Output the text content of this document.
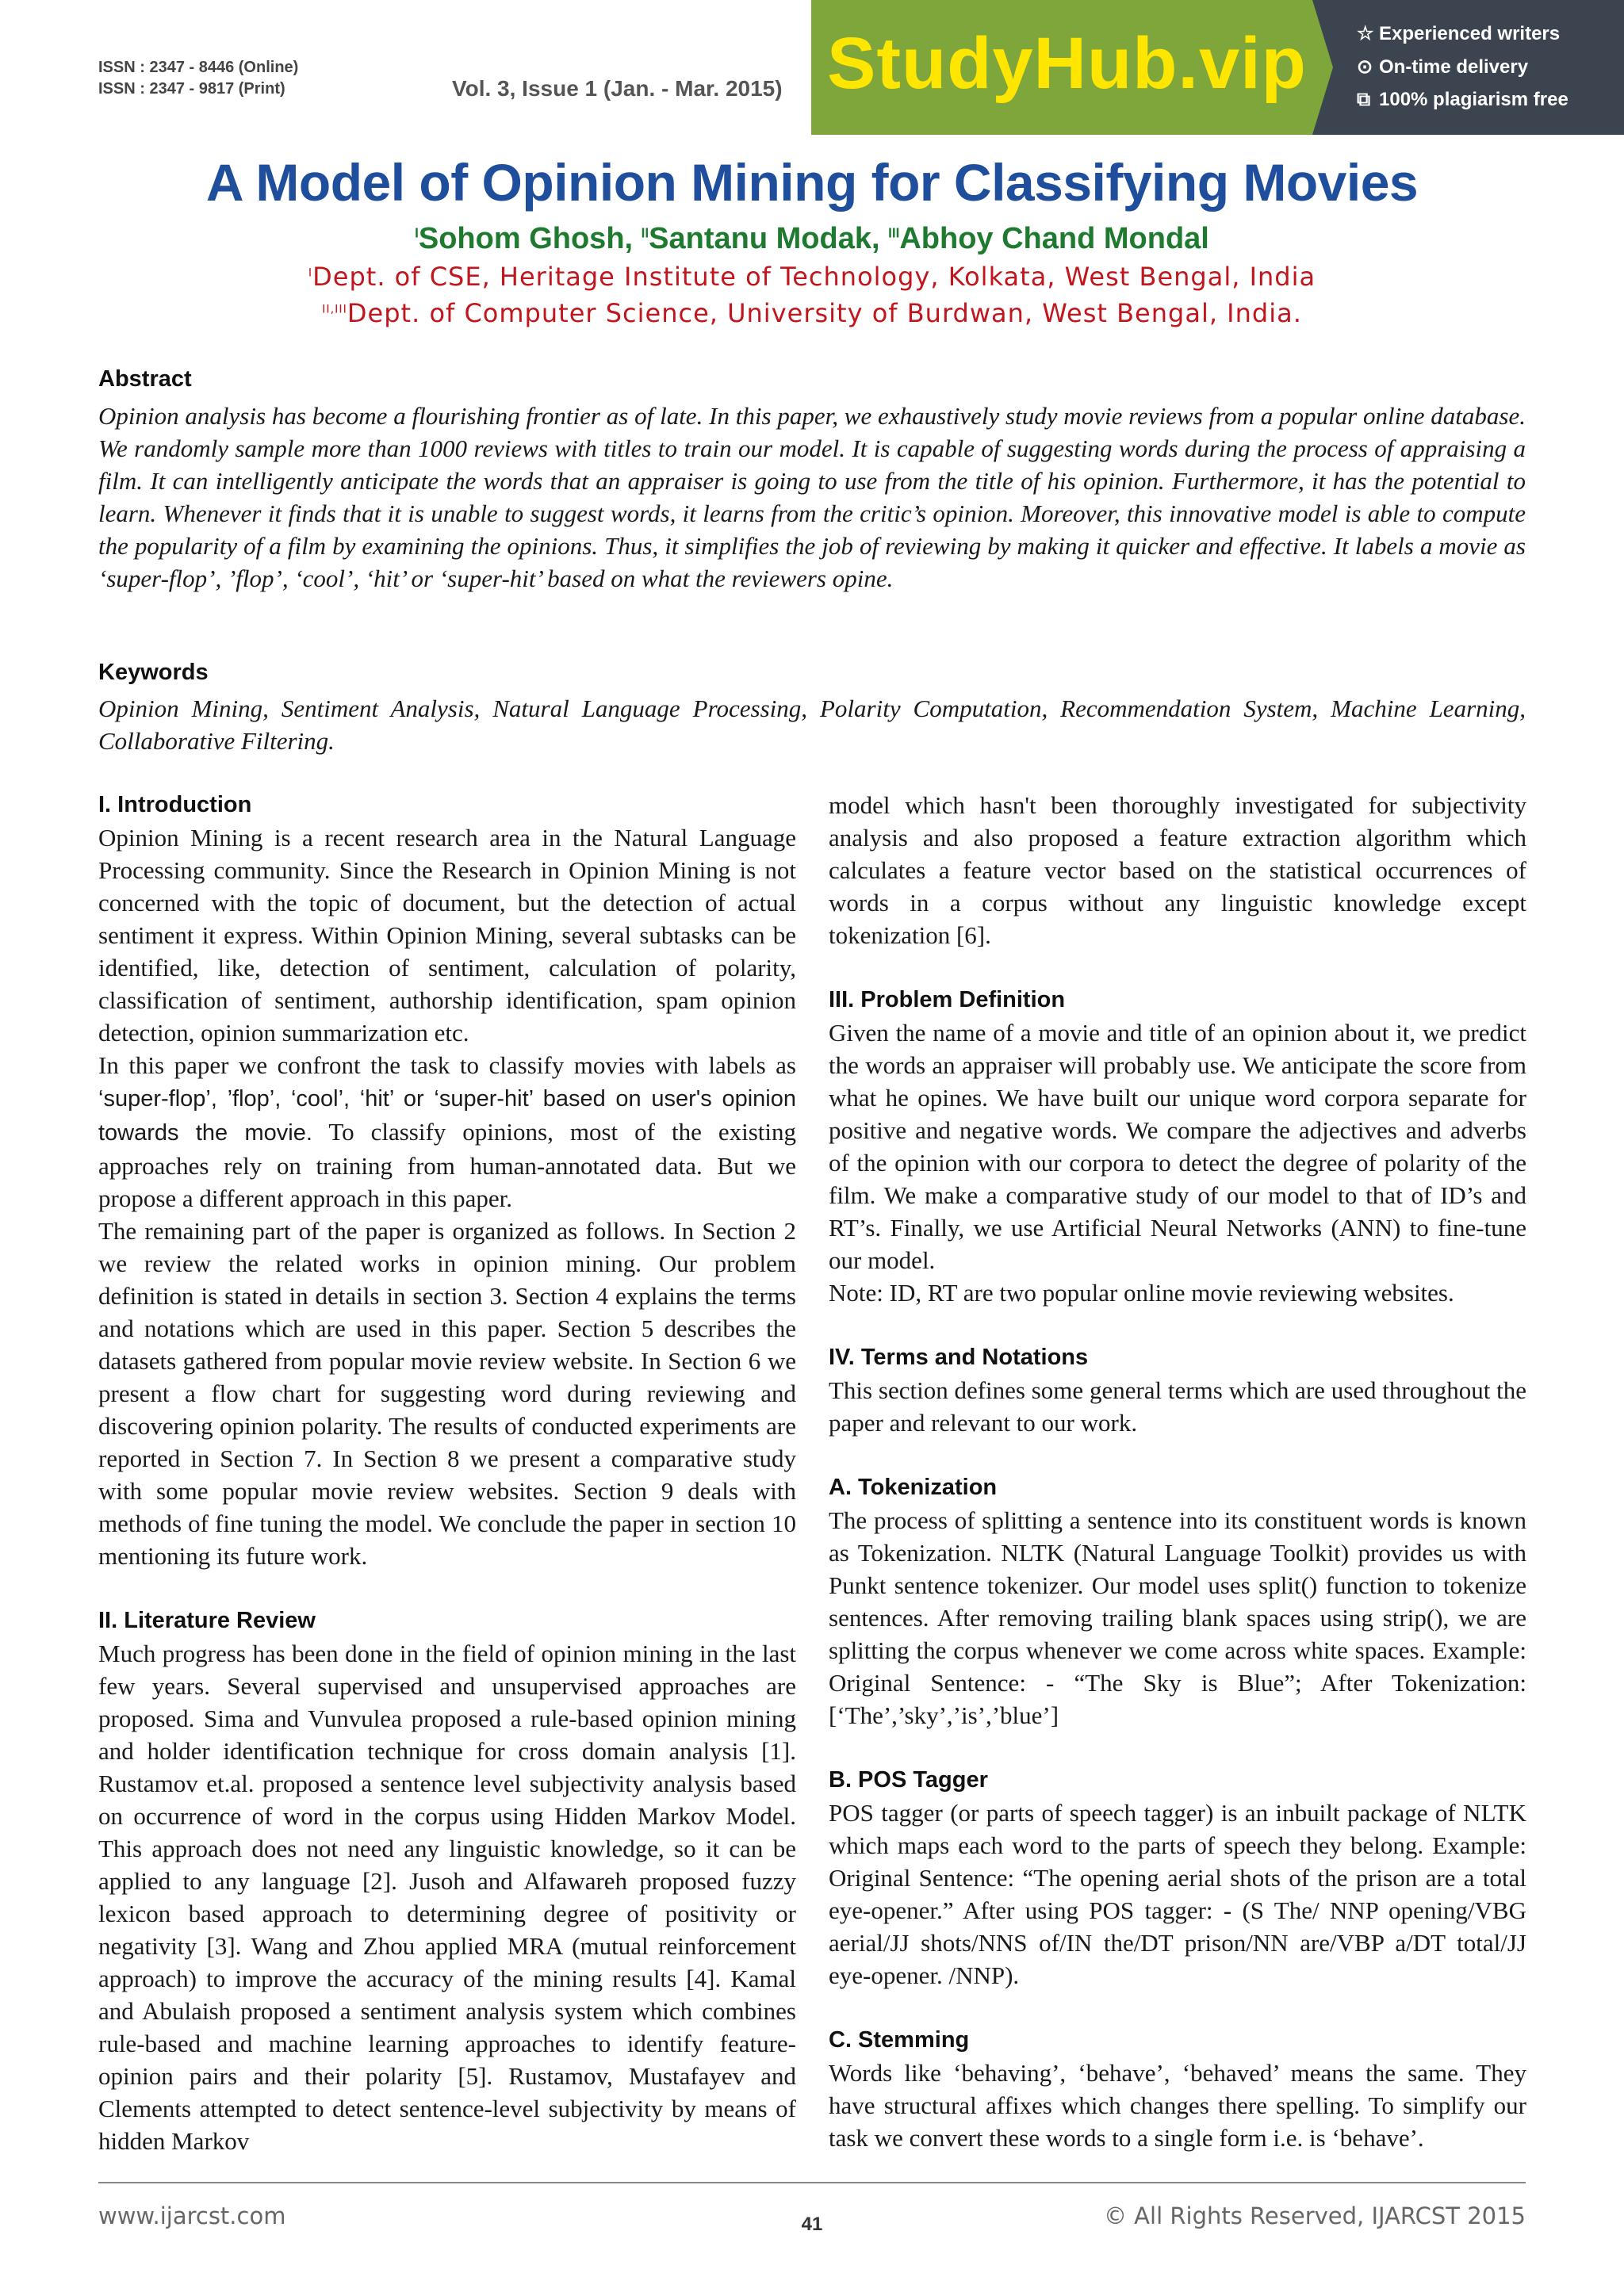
ISSN : 2347 - 8446 (Online)
ISSN : 2347 - 9817 (Print)	Vol. 3, Issue 1 (Jan. - Mar. 2015) StudyHub.vip	☆ Experienced writers
⊙ On-time delivery
⧉ 100% plagiarism free
A Model of Opinion Mining for Classifying Movies
$^I$Sohom Ghosh, $^{II}$Santanu Modak, $^{III}$Abhoy Chand Mondal
$^I$Dept. of CSE, Heritage Institute of Technology, Kolkata, West Bengal, India
$^{II,III}$Dept. of Computer Science, University of Burdwan, West Bengal, India.
Abstract
Opinion analysis has become a flourishing frontier as of late. In this paper, we exhaustively study movie reviews from a popular online database. We randomly sample more than 1000 reviews with titles to train our model. It is capable of suggesting words during the process of appraising a film. It can intelligently anticipate the words that an appraiser is going to use from the title of his opinion. Furthermore, it has the potential to learn. Whenever it finds that it is unable to suggest words, it learns from the critic’s opinion. Moreover, this innovative model is able to compute the popularity of a film by examining the opinions. Thus, it simplifies the job of reviewing by making it quicker and effective. It labels a movie as ‘super-flop’, ’flop’, ‘cool’, ‘hit’ or ‘super-hit’ based on what the reviewers opine.
Keywords
Opinion Mining, Sentiment Analysis, Natural Language Processing, Polarity Computation, Recommendation System, Machine Learning, Collaborative Filtering.
I. Introduction

Opinion Mining is a recent research area in the Natural Language Processing community. Since the Research in Opinion Mining is not concerned with the topic of document, but the detection of actual sentiment it express. Within Opinion Mining, several subtasks can be identified, like, detection of sentiment, calculation of polarity, classification of sentiment, authorship identification, spam opinion detection, opinion summarization etc.

In this paper we confront the task to classify movies with labels as ‘super-flop’, ’flop’, ‘cool’, ‘hit’ or ‘super-hit’ based on user's opinion towards the movie. To classify opinions, most of the existing approaches rely on training from human-annotated data. But we propose a different approach in this paper.

The remaining part of the paper is organized as follows. In Section 2 we review the related works in opinion mining. Our problem definition is stated in details in section 3. Section 4 explains the terms and notations which are used in this paper. Section 5 describes the datasets gathered from popular movie review website. In Section 6 we present a flow chart for suggesting word during reviewing and discovering opinion polarity. The results of conducted experiments are reported in Section 7. In Section 8 we present a comparative study with some popular movie review websites. Section 9 deals with methods of fine tuning the model. We conclude the paper in section 10 mentioning its future work.

II. Literature Review

Much progress has been done in the field of opinion mining in the last few years. Several supervised and unsupervised approaches are proposed. Sima and Vunvulea proposed a rule-based opinion mining and holder identification technique for cross domain analysis [1]. Rustamov et.al. proposed a sentence level subjectivity analysis based on occurrence of word in the corpus using Hidden Markov Model. This approach does not need any linguistic knowledge, so it can be applied to any language [2]. Jusoh and Alfawareh proposed fuzzy lexicon based approach to determining degree of positivity or negativity [3]. Wang and Zhou applied MRA (mutual reinforcement approach) to improve the accuracy of the mining results [4]. Kamal and Abulaish proposed a sentiment analysis system which combines rule-based and machine learning approaches to identify feature-opinion pairs and their polarity [5]. Rustamov, Mustafayev and Clements attempted to detect sentence-level subjectivity by means of hidden Markov

model which hasn't been thoroughly investigated for subjectivity analysis and also proposed a feature extraction algorithm which calculates a feature vector based on the statistical occurrences of words in a corpus without any linguistic knowledge except tokenization [6].

III. Problem Definition

Given the name of a movie and title of an opinion about it, we predict the words an appraiser will probably use. We anticipate the score from what he opines. We have built our unique word corpora separate for positive and negative words. We compare the adjectives and adverbs of the opinion with our corpora to detect the degree of polarity of the film. We make a comparative study of our model to that of ID’s and RT’s. Finally, we use Artificial Neural Networks (ANN) to fine-tune our model.

Note: ID, RT are two popular online movie reviewing websites.

IV. Terms and Notations

This section defines some general terms which are used throughout the paper and relevant to our work.

A. Tokenization

The process of splitting a sentence into its constituent words is known as Tokenization. NLTK (Natural Language Toolkit) provides us with Punkt sentence tokenizer. Our model uses split() function to tokenize sentences. After removing trailing blank spaces using strip(), we are splitting the corpus whenever we come across white spaces. Example: Original Sentence: - “The Sky is Blue”; After Tokenization: [‘The’,’sky’,’is’,’blue’]

B. POS Tagger

POS tagger (or parts of speech tagger) is an inbuilt package of NLTK which maps each word to the parts of speech they belong. Example: Original Sentence: “The opening aerial shots of the prison are a total eye-opener.” After using POS tagger: - (S The/ NNP opening/VBG aerial/JJ shots/NNS of/IN the/DT prison/NN are/VBP a/DT total/JJ eye-opener. /NNP).

C. Stemming

Words like ‘behaving’, ‘behave’, ‘behaved’ means the same. They have structural affixes which changes there spelling. To simplify our task we convert these words to a single form i.e. is ‘behave’.

www.ijarcst.com	41	© All Rights Reserved, IJARCST 2015
